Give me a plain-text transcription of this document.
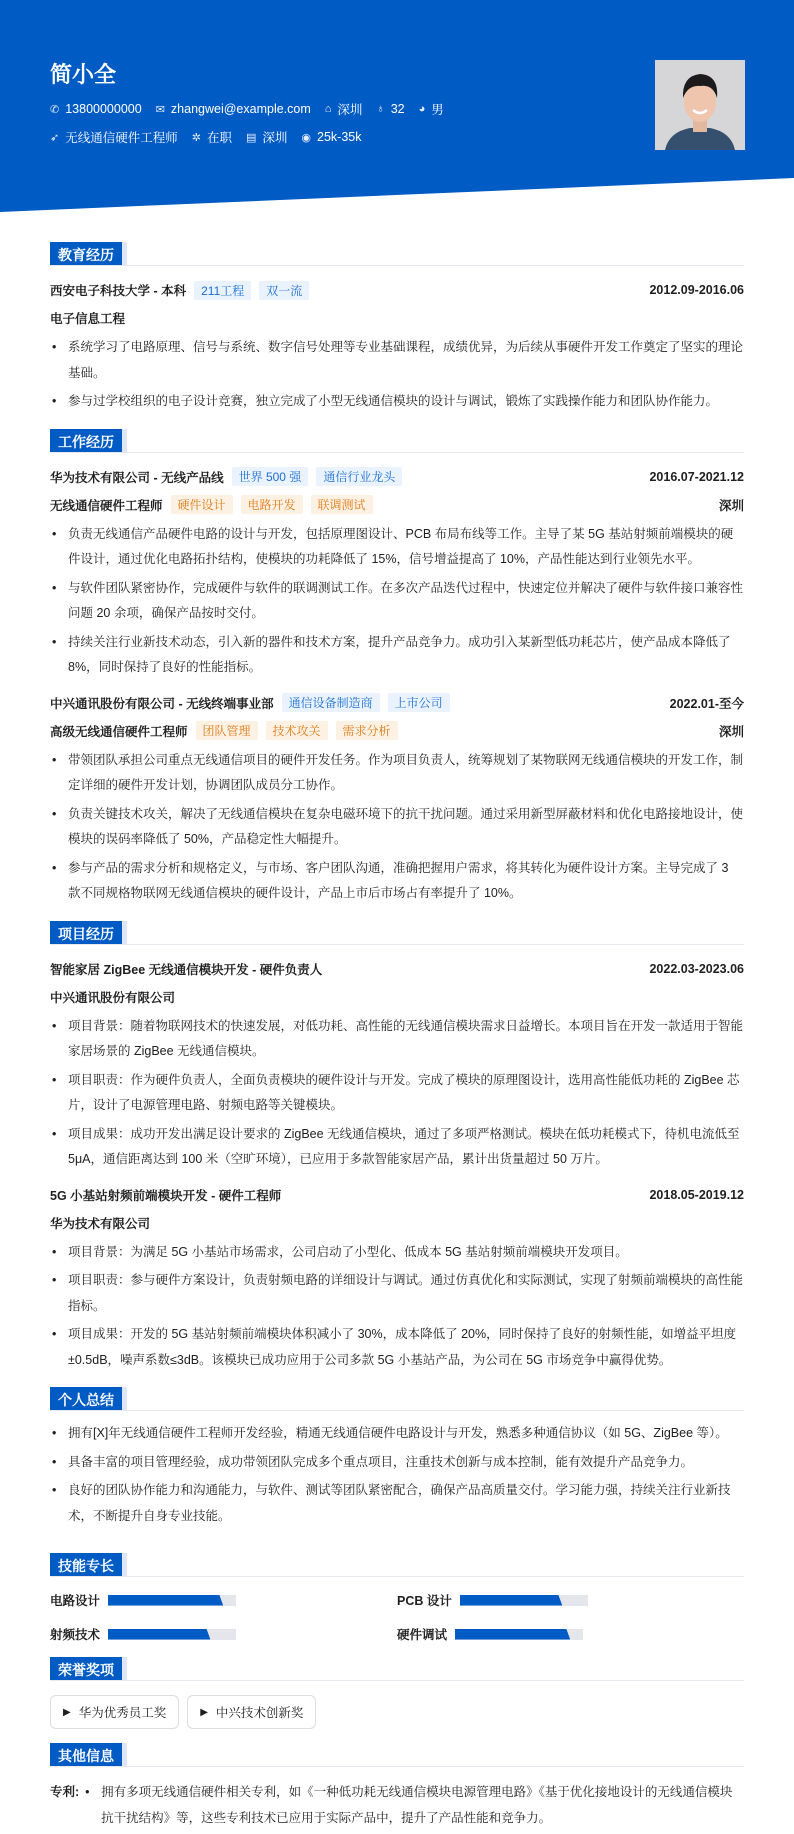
简小全
✆ 13800000000 ✉ zhangwei@example.com ⌂ 深圳 ♁ 32 ◕ 男
➶ 无线通信硬件工程师 ✲ 在职 ▤ 深圳 ◉ 25k-35k
教育经历
西安电子科技大学 - 本科	211工程	双一流	2012.09-2016.06
电子信息工程
• 系统学习了电路原理、信号与系统、数字信号处理等专业基础课程，成绩优异，为后续从事硬件开发工作奠定了坚实的理论基础。
• 参与过学校组织的电子设计竞赛，独立完成了小型无线通信模块的设计与调试，锻炼了实践操作能力和团队协作能力。
工作经历
华为技术有限公司 - 无线产品线	世界 500 强	通信行业龙头	2016.07-2021.12
无线通信硬件工程师	硬件设计	电路开发	联调测试	深圳
• 负责无线通信产品硬件电路的设计与开发，包括原理图设计、PCB 布局布线等工作。主导了某 5G 基站射频前端模块的硬件设计，通过优化电路拓扑结构，使模块的功耗降低了 15%，信号增益提高了 10%，产品性能达到行业领先水平。
• 与软件团队紧密协作，完成硬件与软件的联调测试工作。在多次产品迭代过程中，快速定位并解决了硬件与软件接口兼容性问题 20 余项，确保产品按时交付。
• 持续关注行业新技术动态，引入新的器件和技术方案，提升产品竞争力。成功引入某新型低功耗芯片，使产品成本降低了 8%，同时保持了良好的性能指标。
中兴通讯股份有限公司 - 无线终端事业部	通信设备制造商	上市公司	2022.01-至今
高级无线通信硬件工程师	团队管理	技术攻关	需求分析	深圳
• 带领团队承担公司重点无线通信项目的硬件开发任务。作为项目负责人，统筹规划了某物联网无线通信模块的开发工作，制定详细的硬件开发计划，协调团队成员分工协作。
• 负责关键技术攻关，解决了无线通信模块在复杂电磁环境下的抗干扰问题。通过采用新型屏蔽材料和优化电路接地设计，使模块的误码率降低了 50%，产品稳定性大幅提升。
• 参与产品的需求分析和规格定义，与市场、客户团队沟通，准确把握用户需求，将其转化为硬件设计方案。主导完成了 3 款不同规格物联网无线通信模块的硬件设计，产品上市后市场占有率提升了 10%。
项目经历
智能家居 ZigBee 无线通信模块开发 - 硬件负责人	2022.03-2023.06
中兴通讯股份有限公司
• 项目背景：随着物联网技术的快速发展，对低功耗、高性能的无线通信模块需求日益增长。本项目旨在开发一款适用于智能家居场景的 ZigBee 无线通信模块。
• 项目职责：作为硬件负责人，全面负责模块的硬件设计与开发。完成了模块的原理图设计，选用高性能低功耗的 ZigBee 芯片，设计了电源管理电路、射频电路等关键模块。
• 项目成果：成功开发出满足设计要求的 ZigBee 无线通信模块，通过了多项严格测试。模块在低功耗模式下，待机电流低至 5μA，通信距离达到 100 米（空旷环境），已应用于多款智能家居产品，累计出货量超过 50 万片。
5G 小基站射频前端模块开发 - 硬件工程师	2018.05-2019.12
华为技术有限公司
• 项目背景：为满足 5G 小基站市场需求，公司启动了小型化、低成本 5G 基站射频前端模块开发项目。
• 项目职责：参与硬件方案设计，负责射频电路的详细设计与调试。通过仿真优化和实际测试，实现了射频前端模块的高性能指标。
• 项目成果：开发的 5G 基站射频前端模块体积减小了 30%，成本降低了 20%，同时保持了良好的射频性能，如增益平坦度 ±0.5dB，噪声系数≤3dB。该模块已成功应用于公司多款 5G 小基站产品，为公司在 5G 市场竞争中赢得优势。
个人总结
• 拥有[X]年无线通信硬件工程师开发经验，精通无线通信硬件电路设计与开发，熟悉多种通信协议（如 5G、ZigBee 等）。
• 具备丰富的项目管理经验，成功带领团队完成多个重点项目，注重技术创新与成本控制，能有效提升产品竞争力。
• 良好的团队协作能力和沟通能力，与软件、测试等团队紧密配合，确保产品高质量交付。学习能力强，持续关注行业新技术，不断提升自身专业技能。
技能专长
电路设计	PCB 设计
射频技术	硬件调试
荣誉奖项
▶ 华为优秀员工奖	▶ 中兴技术创新奖
其他信息
专利:	• 拥有多项无线通信硬件相关专利，如《一种低功耗无线通信模块电源管理电路》《基于优化接地设计的无线通信模块抗干扰结构》等，这些专利技术已应用于实际产品中，提升了产品性能和竞争力。
